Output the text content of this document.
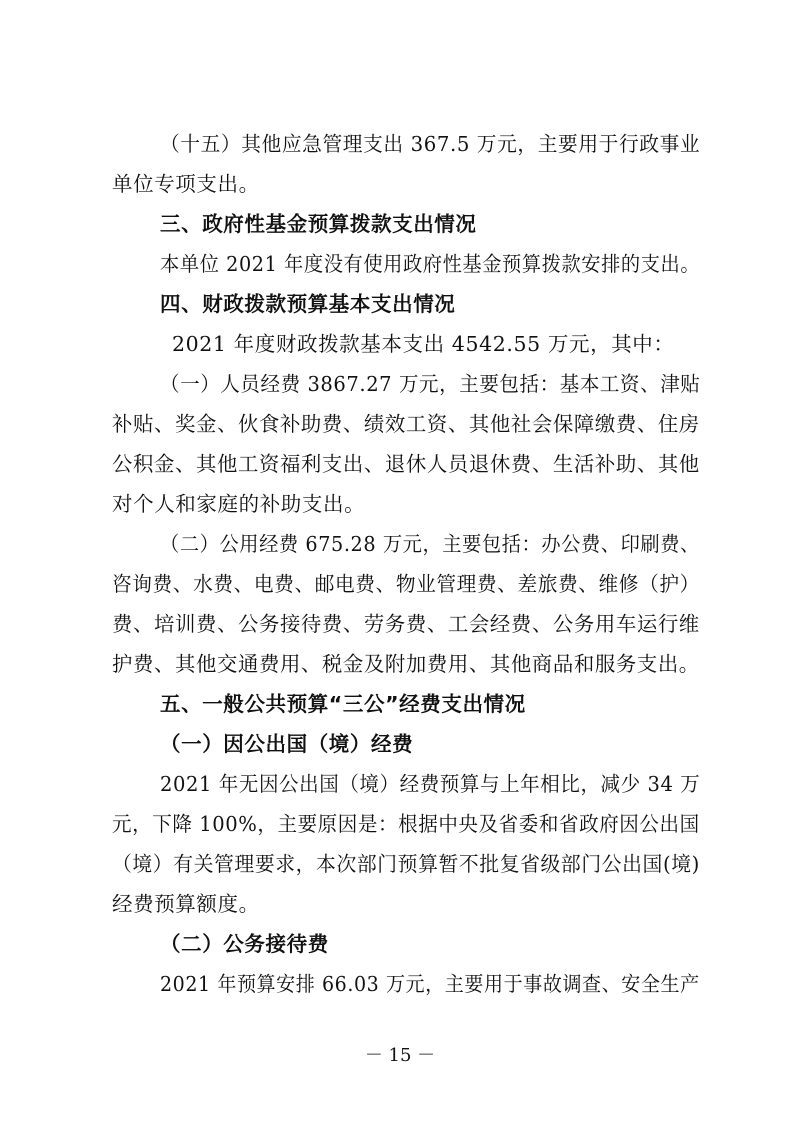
（十五）其他应急管理支出 367.5 万元，主要用于行政事业
单位专项支出。
三、政府性基金预算拨款支出情况
本单位 2021 年度没有使用政府性基金预算拨款安排的支出。
四、财政拨款预算基本支出情况
2021 年度财政拨款基本支出 4542.55 万元，其中：
（一）人员经费 3867.27 万元，主要包括：基本工资、津贴
补贴、奖金、伙食补助费、绩效工资、其他社会保障缴费、住房
公积金、其他工资福利支出、退休人员退休费、生活补助、其他
对个人和家庭的补助支出。
（二）公用经费 675.28 万元，主要包括：办公费、印刷费、
咨询费、水费、电费、邮电费、物业管理费、差旅费、维修（护）
费、培训费、公务接待费、劳务费、工会经费、公务用车运行维
护费、其他交通费用、税金及附加费用、其他商品和服务支出。
五、一般公共预算“三公”经费支出情况
（一）因公出国（境）经费
2021 年无因公出国（境）经费预算与上年相比，减少 34 万
元，下降 100%，主要原因是：根据中央及省委和省政府因公出国
（境）有关管理要求，本次部门预算暂不批复省级部门公出国(境)
经费预算额度。
（二）公务接待费
2021 年预算安排 66.03 万元，主要用于事故调查、安全生产
－ 15 －
